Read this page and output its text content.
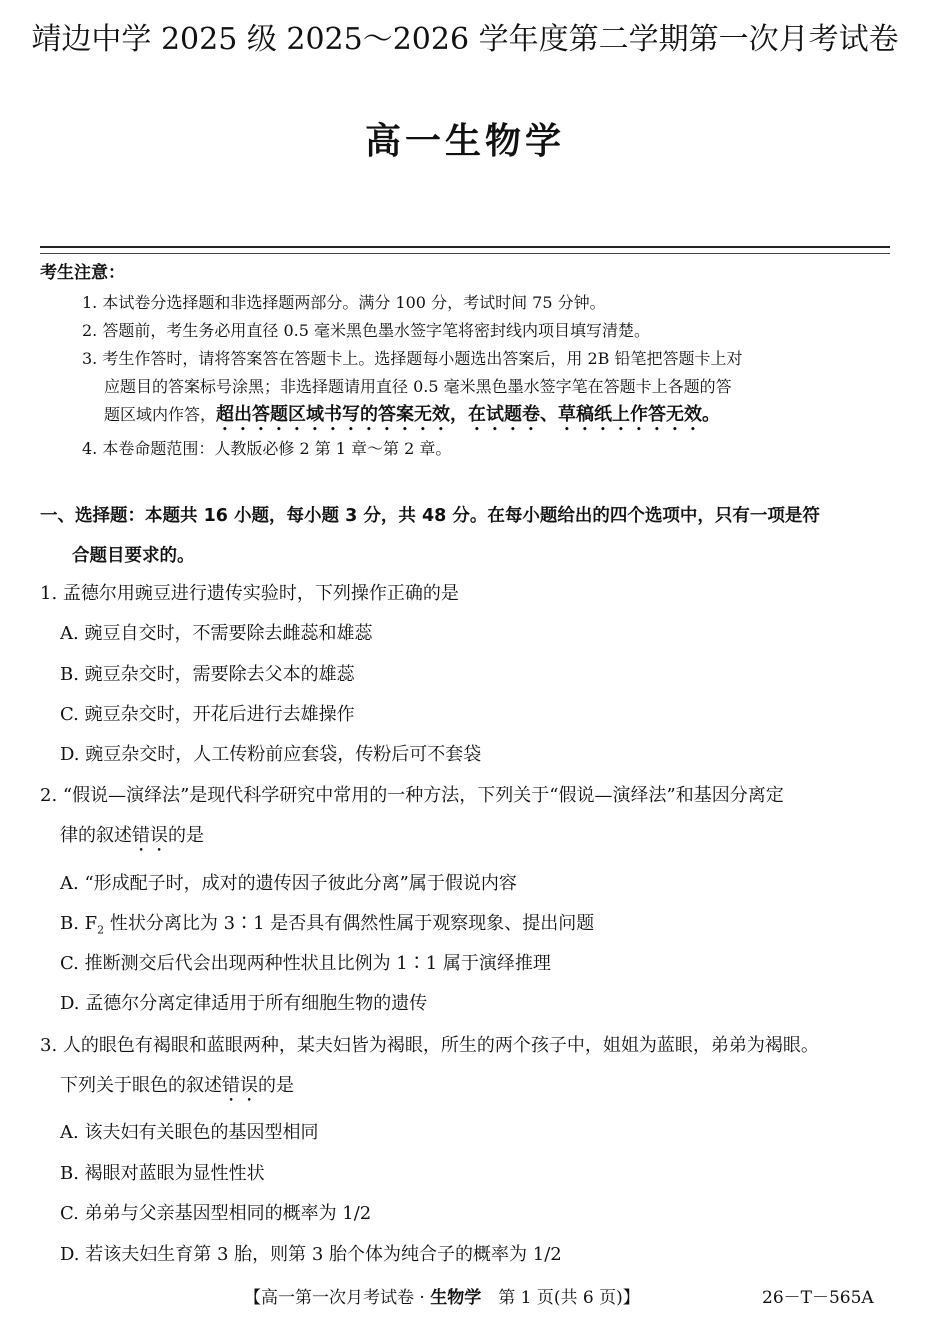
靖边中学 2025 级 2025～2026 学年度第二学期第一次月考试卷
高一生物学
考生注意：
1. 本试卷分选择题和非选择题两部分。满分 100 分，考试时间 75 分钟。
2. 答题前，考生务必用直径 0.5 毫米黑色墨水签字笔将密封线内项目填写清楚。
3. 考生作答时，请将答案答在答题卡上。选择题每小题选出答案后，用 2B 铅笔把答题卡上对
应题目的答案标号涂黑；非选择题请用直径 0.5 毫米黑色墨水签字笔在答题卡上各题的答
题区域内作答，超出答题区域书写的答案无效，在试题卷、草稿纸上作答无效。
4. 本卷命题范围：人教版必修 2 第 1 章～第 2 章。
一、选择题：本题共 16 小题，每小题 3 分，共 48 分。在每小题给出的四个选项中，只有一项是符
合题目要求的。
1. 孟德尔用豌豆进行遗传实验时，下列操作正确的是
A. 豌豆自交时，不需要除去雌蕊和雄蕊
B. 豌豆杂交时，需要除去父本的雄蕊
C. 豌豆杂交时，开花后进行去雄操作
D. 豌豆杂交时，人工传粉前应套袋，传粉后可不套袋
2. “假说—演绎法”是现代科学研究中常用的一种方法，下列关于“假说—演绎法”和基因分离定
律的叙述错误的是
A. “形成配子时，成对的遗传因子彼此分离”属于假说内容
B. $F_2$ 性状分离比为 3∶1 是否具有偶然性属于观察现象、提出问题
C. 推断测交后代会出现两种性状且比例为 1∶1 属于演绎推理
D. 孟德尔分离定律适用于所有细胞生物的遗传
3. 人的眼色有褐眼和蓝眼两种，某夫妇皆为褐眼，所生的两个孩子中，姐姐为蓝眼，弟弟为褐眼。
下列关于眼色的叙述错误的是
A. 该夫妇有关眼色的基因型相同
B. 褐眼对蓝眼为显性性状
C. 弟弟与父亲基因型相同的概率为 1/2
D. 若该夫妇生育第 3 胎，则第 3 胎个体为纯合子的概率为 1/2
【高一第一次月考试卷 · 生物学　第 1 页(共 6 页)】	26－T－565A
